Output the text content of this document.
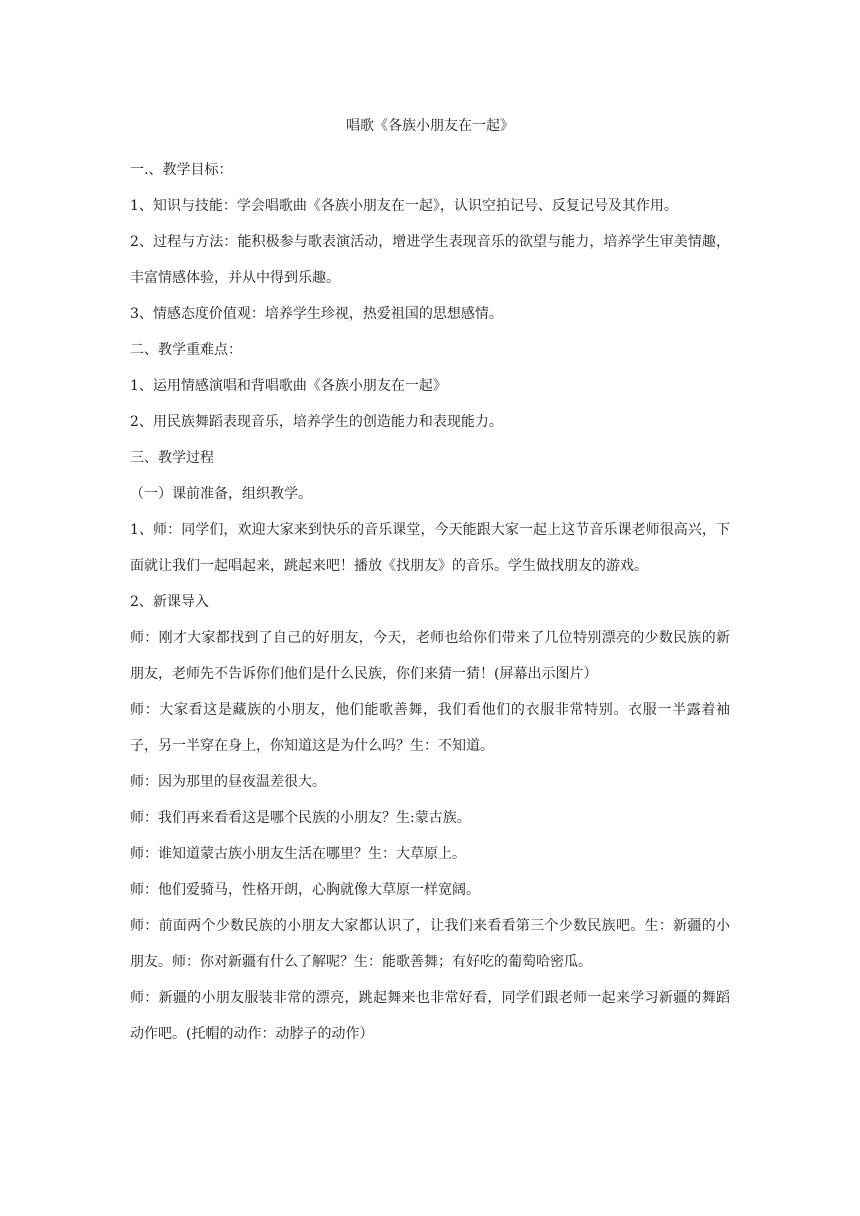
唱歌《各族小朋友在一起》

一.、教学目标：

1、知识与技能：学会唱歌曲《各族小朋友在一起》，认识空拍记号、反复记号及其作用。

2、过程与方法：能积极参与歌表演活动，增进学生表现音乐的欲望与能力，培养学生审美情趣，丰富情感体验，并从中得到乐趣。

3、情感态度价值观：培养学生珍视，热爱祖国的思想感情。

二、教学重难点：

1、运用情感演唱和背唱歌曲《各族小朋友在一起》

2、用民族舞蹈表现音乐，培养学生的创造能力和表现能力。

三、教学过程

（一）课前准备，组织教学。

1、师：同学们，欢迎大家来到快乐的音乐课堂，今天能跟大家一起上这节音乐课老师很高兴，下面就让我们一起唱起来，跳起来吧！播放《找朋友》的音乐。学生做找朋友的游戏。

2、新课导入

师：刚才大家都找到了自己的好朋友，今天，老师也给你们带来了几位特别漂亮的少数民族的新朋友，老师先不告诉你们他们是什么民族，你们来猜一猜！(屏幕出示图片）

师：大家看这是藏族的小朋友，他们能歌善舞，我们看他们的衣服非常特别。衣服一半露着袖子，另一半穿在身上，你知道这是为什么吗？生：不知道。

师：因为那里的昼夜温差很大。

师：我们再来看看这是哪个民族的小朋友？生:蒙古族。

师：谁知道蒙古族小朋友生活在哪里？生：大草原上。

师：他们爱骑马，性格开朗，心胸就像大草原一样宽阔。

师：前面两个少数民族的小朋友大家都认识了，让我们来看看第三个少数民族吧。生：新疆的小朋友。师：你对新疆有什么了解呢？生：能歌善舞；有好吃的葡萄哈密瓜。

师：新疆的小朋友服装非常的漂亮，跳起舞来也非常好看，同学们跟老师一起来学习新疆的舞蹈动作吧。(托帽的动作：动脖子的动作）
